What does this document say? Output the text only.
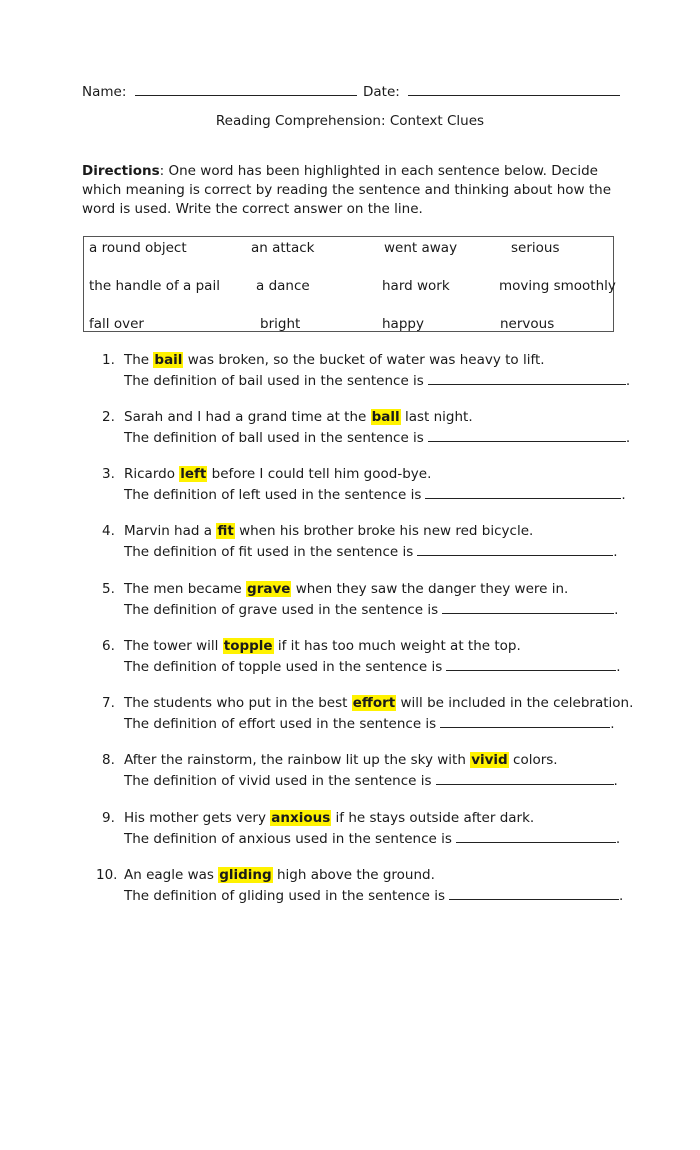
Name:	Date:
Reading Comprehension: Context Clues
Directions: One word has been highlighted in each sentence below. Decide which meaning is correct by reading the sentence and thinking about how the word is used. Write the correct answer on the line.
a round object	an attack	went away	serious
the handle of a pail	a dance	hard work	moving smoothly
fall over	bright	happy	nervous
1. The bail was broken, so the bucket of water was heavy to lift.
The definition of bail used in the sentence is	.
2. Sarah and I had a grand time at the ball last night.
The definition of ball used in the sentence is	.
3. Ricardo left before I could tell him good-bye.
The definition of left used in the sentence is	.
4. Marvin had a fit when his brother broke his new red bicycle.
The definition of fit used in the sentence is	.
5. The men became grave when they saw the danger they were in.
The definition of grave used in the sentence is	.
6. The tower will topple if it has too much weight at the top.
The definition of topple used in the sentence is	.
7. The students who put in the best effort will be included in the celebration.
The definition of effort used in the sentence is	.
8. After the rainstorm, the rainbow lit up the sky with vivid colors.
The definition of vivid used in the sentence is	.
9. His mother gets very anxious if he stays outside after dark.
The definition of anxious used in the sentence is	.
10. An eagle was gliding high above the ground.
The definition of gliding used in the sentence is	.
